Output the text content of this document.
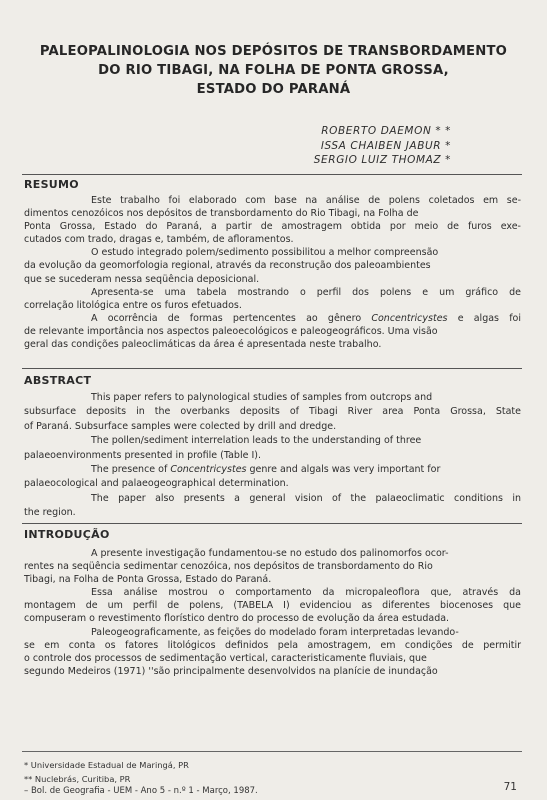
PALEOPALINOLOGIA NOS DEPÓSITOS DE TRANSBORDAMENTO
DO RIO TIBAGI, NA FOLHA DE PONTA GROSSA,
ESTADO DO PARANÁ
ROBERTO DAEMON * *
ISSA CHAIBEN JABUR *
SERGIO LUIZ THOMAZ *
RESUMO
Este trabalho foi elaborado com base na análise de polens coletados em se-
dimentos cenozóicos nos depósitos de transbordamento do Rio Tibagi, na Folha de
Ponta Grossa, Estado do Paraná, a partir de amostragem obtida por meio de furos exe-
cutados com trado, dragas e, também, de afloramentos.
O estudo integrado polem/sedimento possibilitou a melhor compreensão
da evolução da geomorfologia regional, através da reconstrução dos paleoambientes
que se sucederam nessa seqüência deposicional.
Apresenta-se uma tabela mostrando o perfil dos polens e um gráfico de
correlação litológica entre os furos efetuados.
A ocorrência de formas pertencentes ao gênero Concentricystes e algas foi
de relevante importância nos aspectos paleoecológicos e paleogeográficos. Uma visão
geral das condições paleoclimáticas da área é apresentada neste trabalho.
ABSTRACT
This paper refers to palynological studies of samples from outcrops and
subsurface deposits in the overbanks deposits of Tibagi River area Ponta Grossa, State
of Paraná. Subsurface samples were colected by drill and dredge.
The pollen/sediment interrelation leads to the understanding of three
palaeoenvironments presented in profile (Table I).
The presence of Concentricystes genre and algals was very important for
palaeocological and palaeogeographical determination.
The paper also presents a general vision of the palaeoclimatic conditions in
the region.
INTRODUÇÃO
A presente investigação fundamentou-se no estudo dos palinomorfos ocor-
rentes na seqüência sedimentar cenozóica, nos depósitos de transbordamento do Rio
Tibagi, na Folha de Ponta Grossa, Estado do Paraná.
Essa análise mostrou o comportamento da micropaleoflora que, através da
montagem de um perfil de polens, (TABELA I) evidenciou as diferentes biocenoses que
compuseram o revestimento florístico dentro do processo de evolução da área estudada.
Paleogeograficamente, as feições do modelado foram interpretadas levando-
se em conta os fatores litológicos definidos pela amostragem, em condições de permitir
o controle dos processos de sedimentação vertical, caracteristicamente fluviais, que
segundo Medeiros (1971) ''são principalmente desenvolvidos na planície de inundação
* Universidade Estadual de Maringá, PR
** Nuclebrás, Curitiba, PR
– Bol. de Geografia - UEM - Ano 5 - n.º 1 - Março, 1987.	71
